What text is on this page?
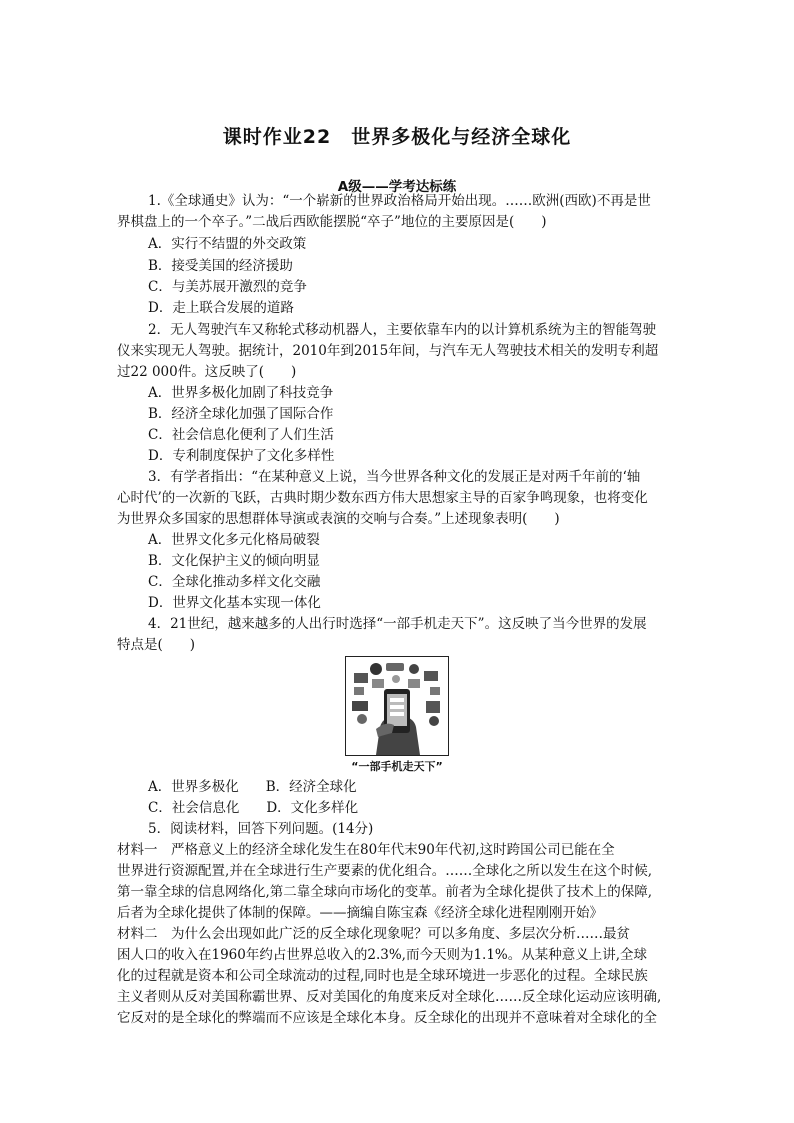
课时作业22　世界多极化与经济全球化
A级——学考达标练
1.《全球通史》认为：“一个崭新的世界政治格局开始出现。……欧洲(西欧)不再是世
界棋盘上的一个卒子。”二战后西欧能摆脱“卒子”地位的主要原因是(　　)
A．实行不结盟的外交政策
B．接受美国的经济援助
C．与美苏展开激烈的竞争
D．走上联合发展的道路
2．无人驾驶汽车又称轮式移动机器人，主要依靠车内的以计算机系统为主的智能驾驶
仪来实现无人驾驶。据统计，2010年到2015年间，与汽车无人驾驶技术相关的发明专利超
过22 000件。这反映了(　　)
A．世界多极化加剧了科技竞争
B．经济全球化加强了国际合作
C．社会信息化便利了人们生活
D．专利制度保护了文化多样性
3．有学者指出：“在某种意义上说，当今世界各种文化的发展正是对两千年前的‘轴
心时代’的一次新的飞跃，古典时期少数东西方伟大思想家主导的百家争鸣现象，也将变化
为世界众多国家的思想群体导演或表演的交响与合奏。”上述现象表明(　　)
A．世界文化多元化格局破裂
B．文化保护主义的倾向明显
C．全球化推动多样文化交融
D．世界文化基本实现一体化
4．21世纪，越来越多的人出行时选择“一部手机走天下”。这反映了当今世界的发展
特点是(　　)
“一部手机走天下”
A．世界多极化　　B．经济全球化
C．社会信息化　　D．文化多样化
5．阅读材料，回答下列问题。(14分)
材料一　严格意义上的经济全球化发生在80年代末90年代初,这时跨国公司已能在全
世界进行资源配置,并在全球进行生产要素的优化组合。……全球化之所以发生在这个时候,
第一靠全球的信息网络化,第二靠全球向市场化的变革。前者为全球化提供了技术上的保障,
后者为全球化提供了体制的保障。——摘编自陈宝森《经济全球化进程刚刚开始》
材料二　为什么会出现如此广泛的反全球化现象呢？可以多角度、多层次分析……最贫
困人口的收入在1960年约占世界总收入的2.3%,而今天则为1.1%。从某种意义上讲,全球
化的过程就是资本和公司全球流动的过程,同时也是全球环境进一步恶化的过程。全球民族
主义者则从反对美国称霸世界、反对美国化的角度来反对全球化……反全球化运动应该明确,
它反对的是全球化的弊端而不应该是全球化本身。反全球化的出现并不意味着对全球化的全
